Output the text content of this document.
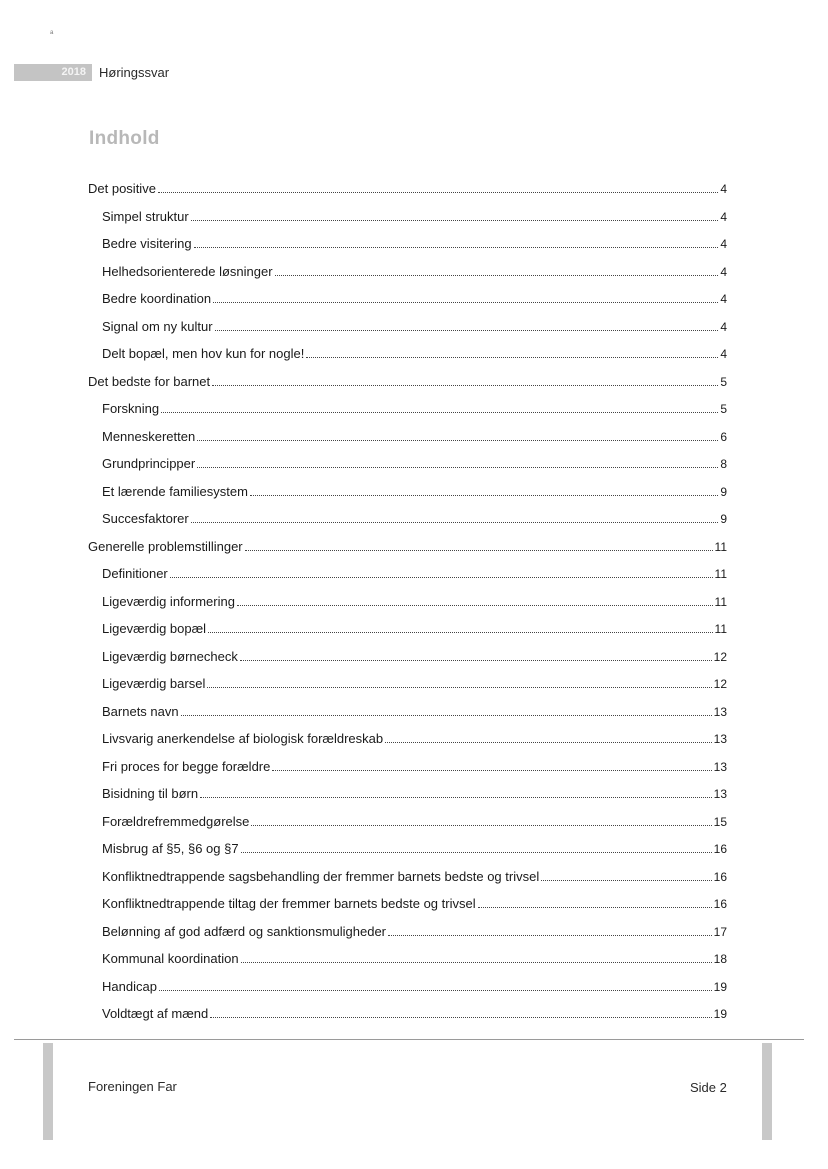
a
2018	Høringssvar
Indhold
Det positive	4
Simpel struktur	4
Bedre visitering	4
Helhedsorienterede løsninger	4
Bedre koordination	4
Signal om ny kultur	4
Delt bopæl, men hov kun for nogle!	4
Det bedste for barnet	5
Forskning	5
Menneskeretten	6
Grundprincipper	8
Et lærende familiesystem	9
Succesfaktorer	9
Generelle problemstillinger	11
Definitioner	11
Ligeværdig informering	11
Ligeværdig bopæl	11
Ligeværdig børnecheck	12
Ligeværdig barsel	12
Barnets navn	13
Livsvarig anerkendelse af biologisk forældreskab	13
Fri proces for begge forældre	13
Bisidning til børn	13
Forældrefremmedgørelse	15
Misbrug af §5, §6 og §7	16
Konfliktnedtrappende sagsbehandling der fremmer barnets bedste og trivsel	16
Konfliktnedtrappende tiltag der fremmer barnets bedste og trivsel	16
Belønning af god adfærd og sanktionsmuligheder	17
Kommunal koordination	18
Handicap	19
Voldtægt af mænd	19
Foreningen Far	Side 2
